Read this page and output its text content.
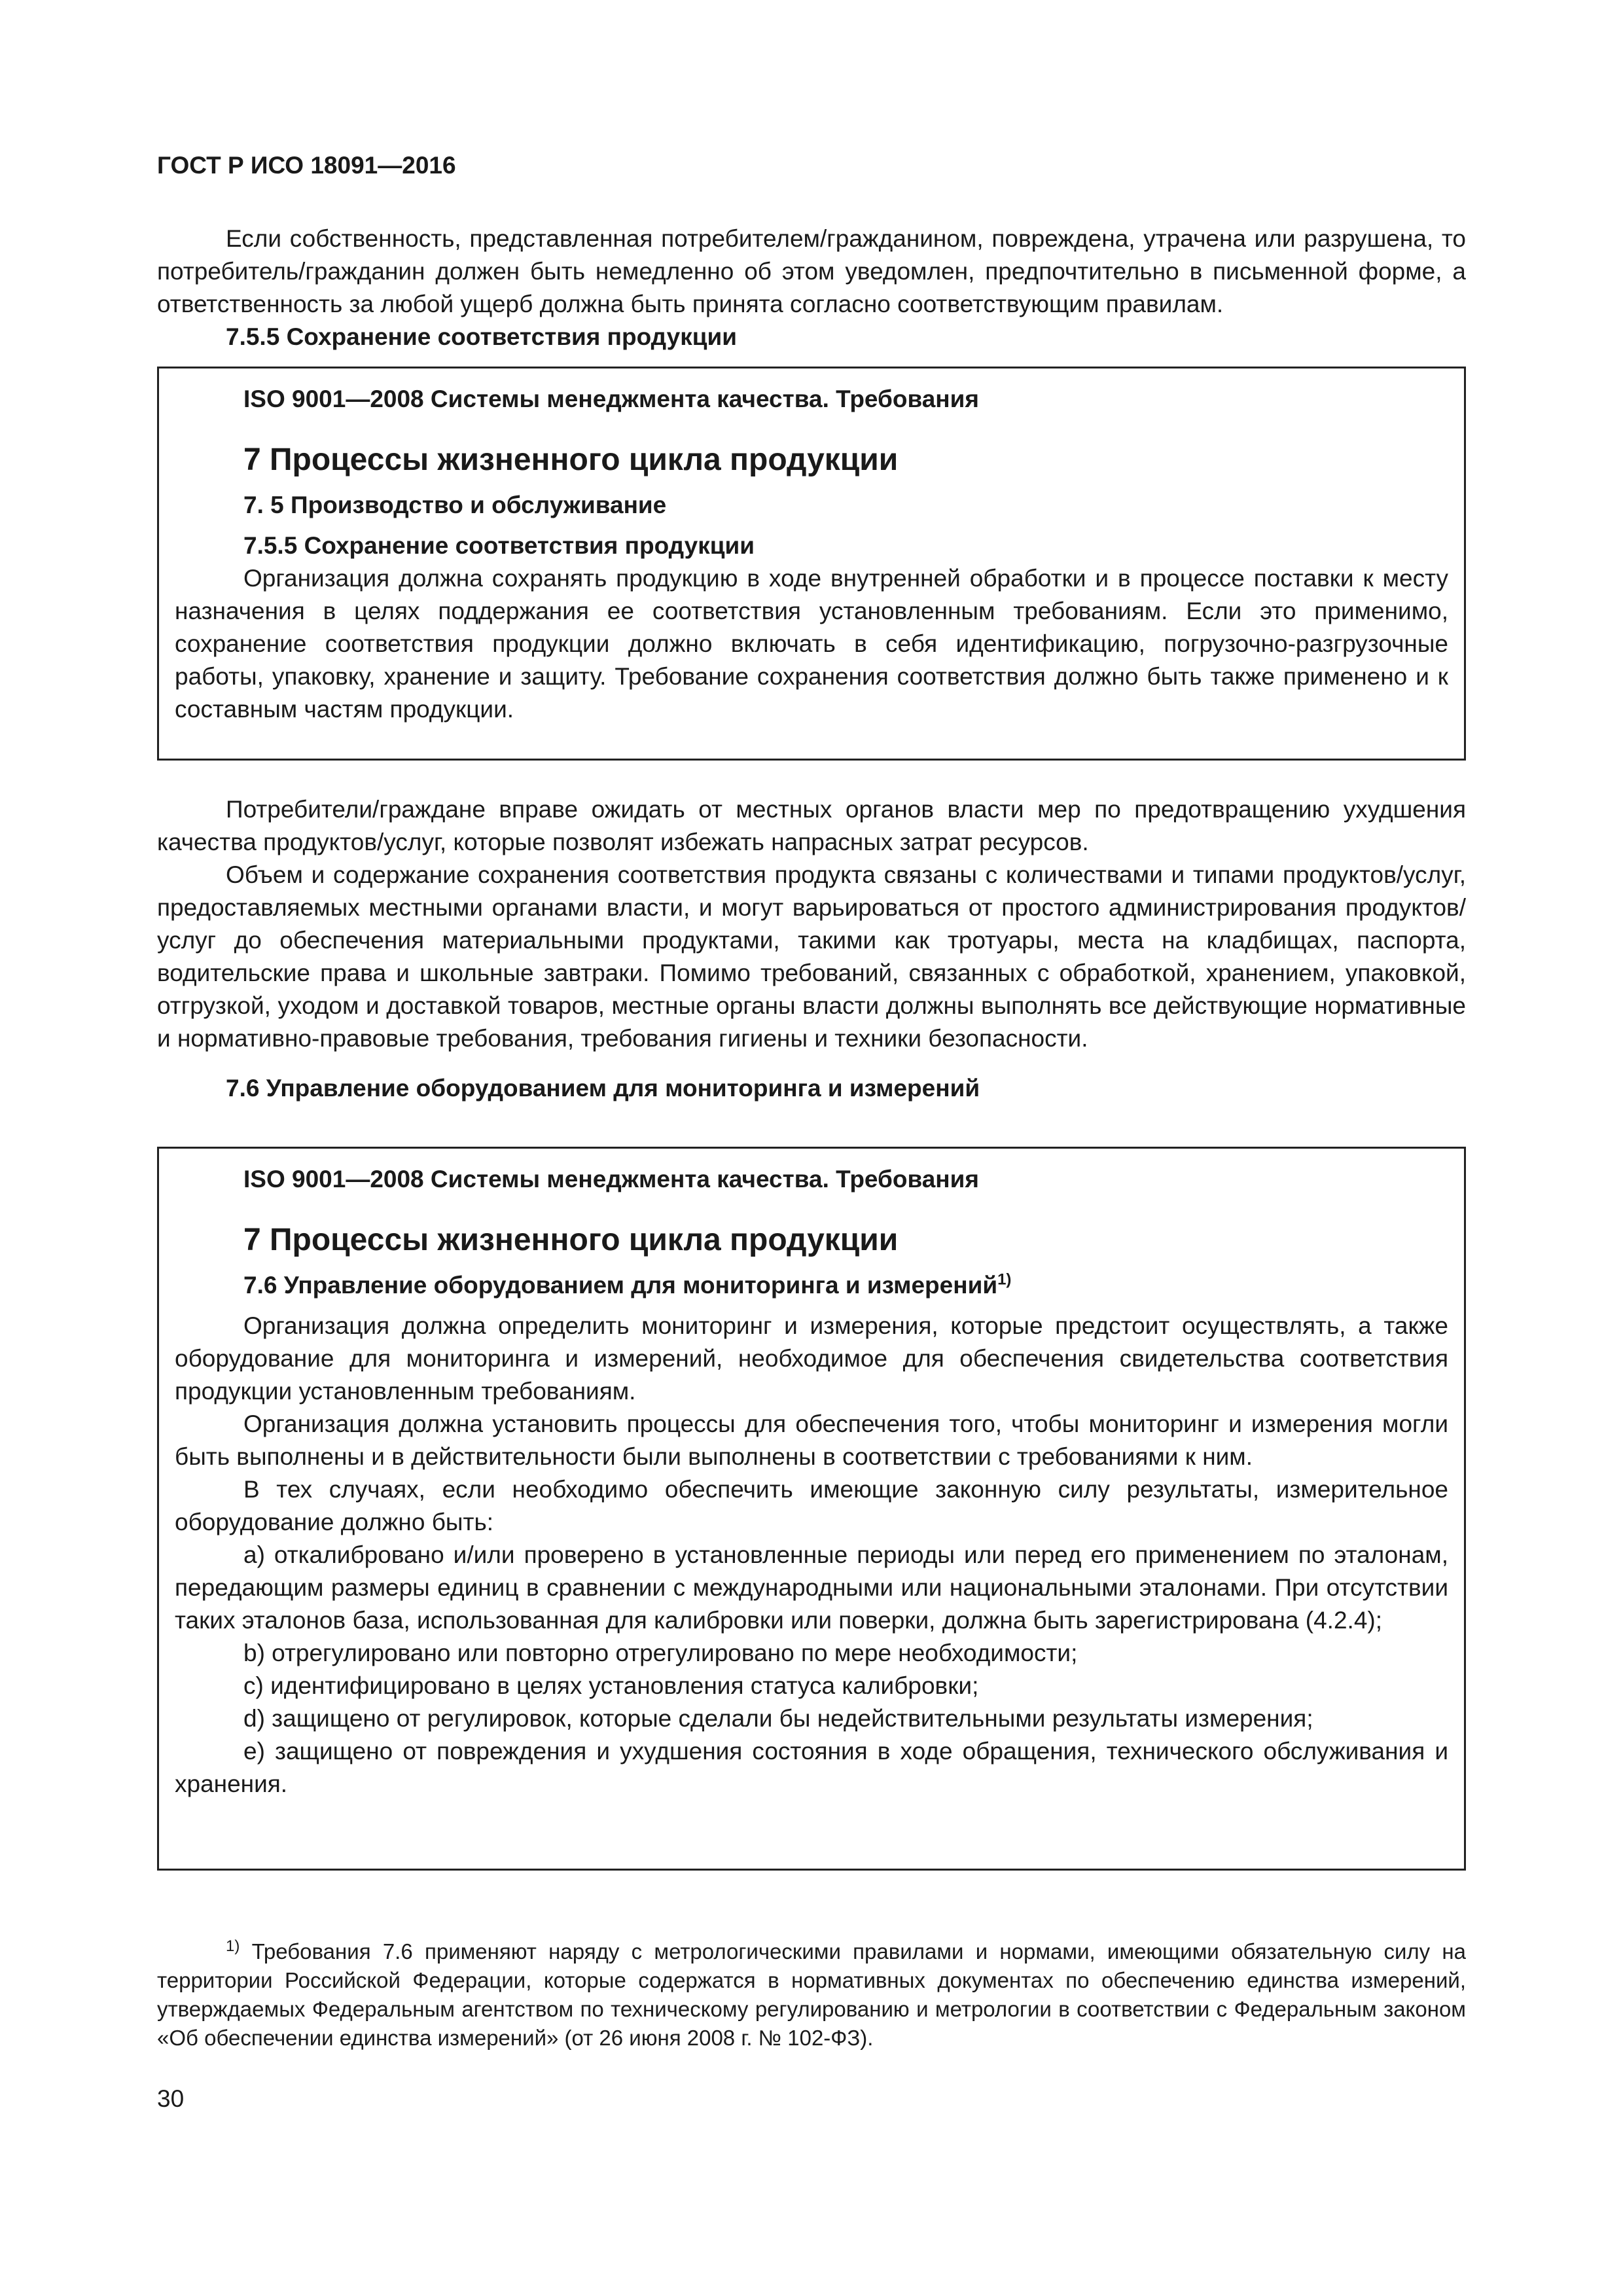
ГОСТ Р ИСО 18091—2016

Если собственность, представленная потребителем/гражданином, повреждена, утрачена или разрушена, то потребитель/гражданин должен быть немедленно об этом уведомлен, предпочтительно в письменной форме, а ответственность за любой ущерб должна быть принята согласно соответствующим правилам.

7.5.5 Сохранение соответствия продукции

ISO 9001—2008 Системы менеджмента качества. Требования

7 Процессы жизненного цикла продукции

7. 5 Производство и обслуживание

7.5.5 Сохранение соответствия продукции

Организация должна сохранять продукцию в ходе внутренней обработки и в процессе поставки к месту назначения в целях поддержания ее соответствия установленным требованиям. Если это применимо, сохранение соответствия продукции должно включать в себя идентификацию, погрузочно-разгрузочные работы, упаковку, хранение и защиту. Требование сохранения соответствия должно быть также применено и к составным частям продукции.

Потребители/граждане вправе ожидать от местных органов власти мер по предотвращению ухудшения качества продуктов/услуг, которые позволят избежать напрасных затрат ресурсов.

Объем и содержание сохранения соответствия продукта связаны с количествами и типами продуктов/услуг, предоставляемых местными органами власти, и могут варьироваться от простого администрирования продуктов/услуг до обеспечения материальными продуктами, такими как тротуары, места на кладбищах, паспорта, водительские права и школьные завтраки. Помимо требований, связанных с обработкой, хранением, упаковкой, отгрузкой, уходом и доставкой товаров, местные органы власти должны выполнять все действующие нормативные и нормативно-правовые требования, требования гигиены и техники безопасности.

7.6 Управление оборудованием для мониторинга и измерений

ISO 9001—2008 Системы менеджмента качества. Требования

7 Процессы жизненного цикла продукции

7.6 Управление оборудованием для мониторинга и измерений$^{1)}$

Организация должна определить мониторинг и измерения, которые предстоит осуществлять, а также оборудование для мониторинга и измерений, необходимое для обеспечения свидетельства соответствия продукции установленным требованиям.

Организация должна установить процессы для обеспечения того, чтобы мониторинг и измерения могли быть выполнены и в действительности были выполнены в соответствии с требованиями к ним.

В тех случаях, если необходимо обеспечить имеющие законную силу результаты, измерительное оборудование должно быть:

a) откалибровано и/или проверено в установленные периоды или перед его применением по эталонам, передающим размеры единиц в сравнении с международными или национальными эталонами. При отсутствии таких эталонов база, использованная для калибровки или поверки, должна быть зарегистрирована (4.2.4);

b) отрегулировано или повторно отрегулировано по мере необходимости;

c) идентифицировано в целях установления статуса калибровки;

d) защищено от регулировок, которые сделали бы недействительными результаты измерения;

e) защищено от повреждения и ухудшения состояния в ходе обращения, технического обслуживания и хранения.

$^{1)}$ Требования 7.6 применяют наряду с метрологическими правилами и нормами, имеющими обязательную силу на территории Российской Федерации, которые содержатся в нормативных документах по обеспечению единства измерений, утверждаемых Федеральным агентством по техническому регулированию и метрологии в соответствии с Федеральным законом «Об обеспечении единства измерений» (от 26 июня 2008 г. № 102-ФЗ).

30
